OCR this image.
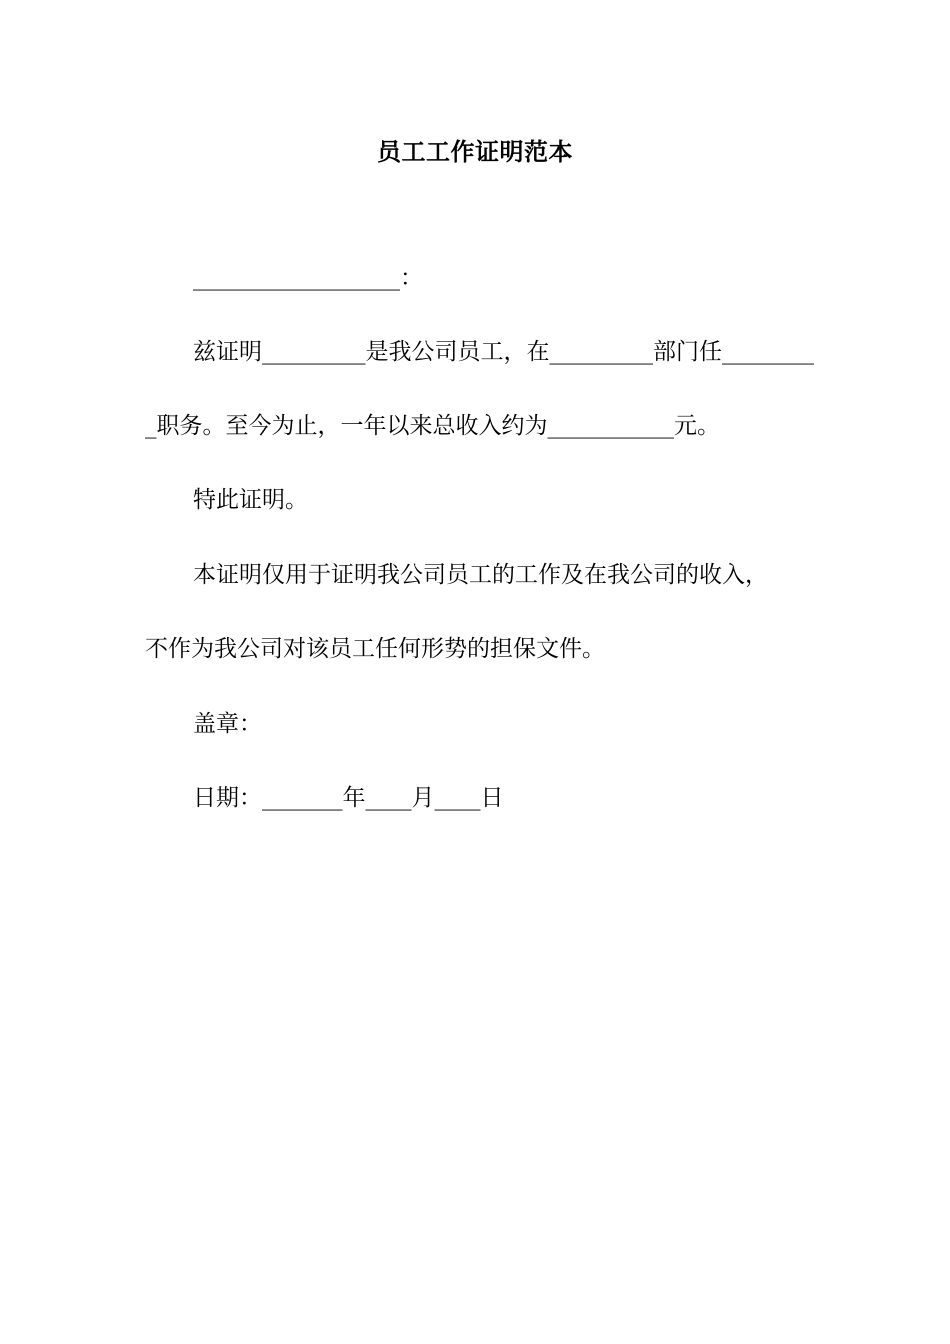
员工工作证明范本
__________________：
兹证明_________是我公司员工，在_________部门任________
_职务。至今为止，一年以来总收入约为___________元。
特此证明。
本证明仅用于证明我公司员工的工作及在我公司的收入，
不作为我公司对该员工任何形势的担保文件。
盖章：
日期：_______年____月____日
